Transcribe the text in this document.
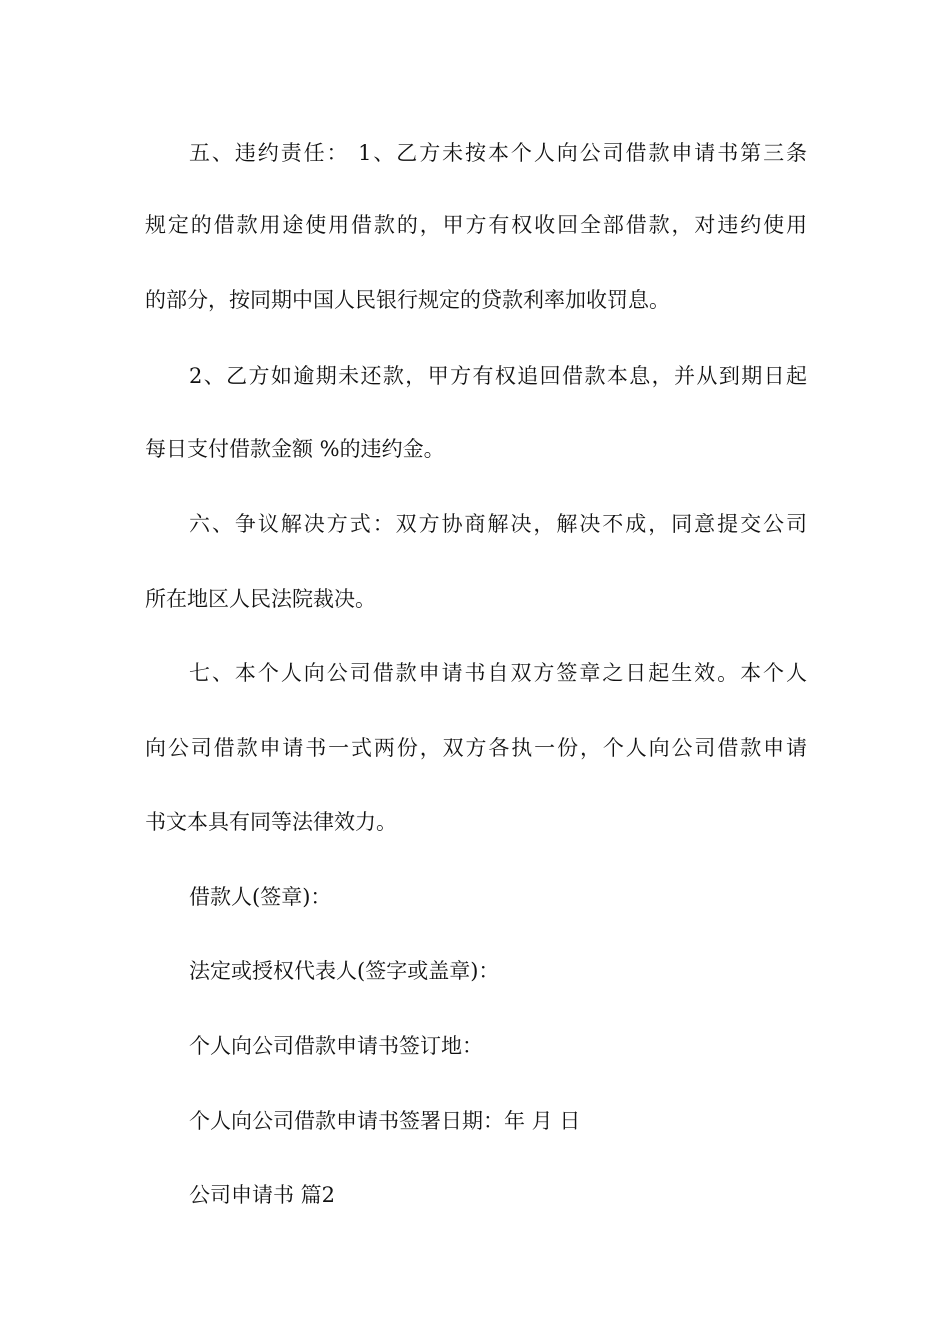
五、违约责任： 1、乙方未按本个人向公司借款申请书第三条
规定的借款用途使用借款的，甲方有权收回全部借款，对违约使用
的部分，按同期中国人民银行规定的贷款利率加收罚息。
2、乙方如逾期未还款，甲方有权追回借款本息，并从到期日起
每日支付借款金额 %的违约金。
六、争议解决方式：双方协商解决，解决不成，同意提交公司
所在地区人民法院裁决。
七、本个人向公司借款申请书自双方签章之日起生效。本个人
向公司借款申请书一式两份，双方各执一份，个人向公司借款申请
书文本具有同等法律效力。
借款人(签章)：
法定或授权代表人(签字或盖章)：
个人向公司借款申请书签订地：
个人向公司借款申请书签署日期：年 月 日
公司申请书 篇2
